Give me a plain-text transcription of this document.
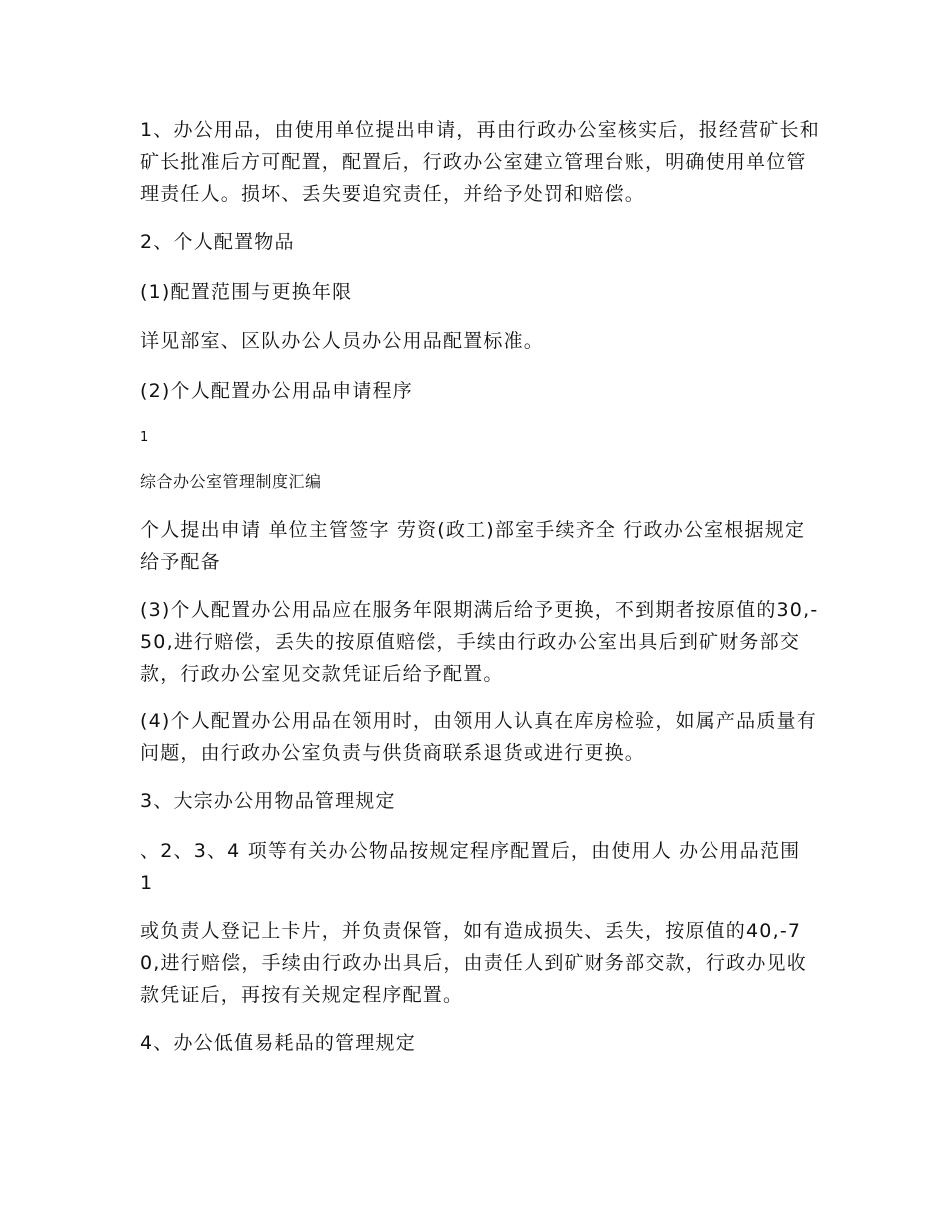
1、办公用品，由使用单位提出申请，再由行政办公室核实后，报经营矿长和矿长批准后方可配置，配置后，行政办公室建立管理台账，明确使用单位管理责任人。损坏、丢失要追究责任，并给予处罚和赔偿。

2、个人配置物品

(1)配置范围与更换年限

详见部室、区队办公人员办公用品配置标准。

(2)个人配置办公用品申请程序

1

综合办公室管理制度汇编

个人提出申请 单位主管签字 劳资(政工)部室手续齐全 行政办公室根据规定给予配备

(3)个人配置办公用品应在服务年限期满后给予更换，不到期者按原值的30,-50,进行赔偿，丢失的按原值赔偿，手续由行政办公室出具后到矿财务部交款，行政办公室见交款凭证后给予配置。

(4)个人配置办公用品在领用时，由领用人认真在库房检验，如属产品质量有问题，由行政办公室负责与供货商联系退货或进行更换。

3、大宗办公用物品管理规定

、2、3、4 项等有关办公物品按规定程序配置后，由使用人 办公用品范围 1

或负责人登记上卡片，并负责保管，如有造成损失、丢失，按原值的40,-70,进行赔偿，手续由行政办出具后，由责任人到矿财务部交款，行政办见收款凭证后，再按有关规定程序配置。

4、办公低值易耗品的管理规定
